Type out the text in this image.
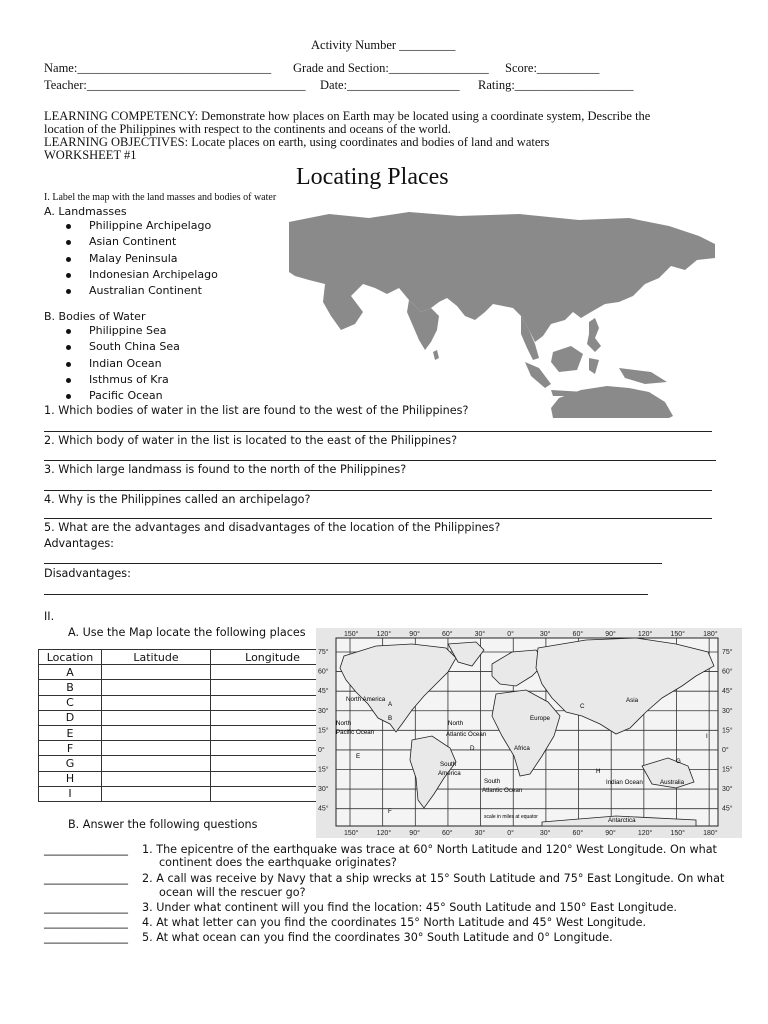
Activity Number _________
Name:_______________________________ Grade and Section:________________ Score:__________
Teacher:___________________________________ Date:__________________ Rating:___________________
LEARNING COMPETENCY: Demonstrate how places on Earth may be located using a coordinate system, Describe the
location of the Philippines with respect to the continents and oceans of the world.
LEARNING OBJECTIVES: Locate places on earth, using coordinates and bodies of land and waters
WORKSHEET #1
Locating Places
I. Label the map with the land masses and bodies of water
A. Landmasses
Philippine Archipelago
Asian Continent
Malay Peninsula
Indonesian Archipelago
Australian Continent
B. Bodies of Water
Philippine Sea
South China Sea
Indian Ocean
Isthmus of Kra
Pacific Ocean
1. Which bodies of water in the list are found to the west of the Philippines?
2. Which body of water in the list is located to the east of the Philippines?
3. Which large landmass is found to the north of the Philippines?
4. Why is the Philippines called an archipelago?
5. What are the advantages and disadvantages of the location of the Philippines?
Advantages:
Disadvantages:
II.
A. Use the Map locate the following places
Location	Latitude	Longitude
A		
B		
C		
D		
E		
F		
G		
H		
I		
150°
150°
120°
120°
90°
90°
60°
60°
30°
30°
0°
0°
30°
30°
60°
60°
90°
90°
120°
120°
150°
150°
180°
180°
75°	75°
60°	60°
45°	45°
30°	30°
15°	15°
0°	0°
15°	15°
30°	30°
45°	45°
North America	Asia
Europe
North
Pacific Ocean
North
Atlantic Ocean
Africa
South
America
South
Atlantic Ocean
Indian Ocean	Australia
Antarctica
scale in miles at equator
A
B
C
D
E
F
G
H
I
B. Answer the following questions
_______________ 1. The epicentre of the earthquake was trace at 60° North Latitude and 120° West Longitude. On what
continent does the earthquake originates?
_______________ 2. A call was receive by Navy that a ship wrecks at 15° South Latitude and 75° East Longitude. On what
ocean will the rescuer go?
_______________ 3. Under what continent will you find the location: 45° South Latitude and 150° East Longitude.
_______________ 4. At what letter can you find the coordinates 15° North Latitude and 45° West Longitude.
_______________ 5. At what ocean can you find the coordinates 30° South Latitude and 0° Longitude.
